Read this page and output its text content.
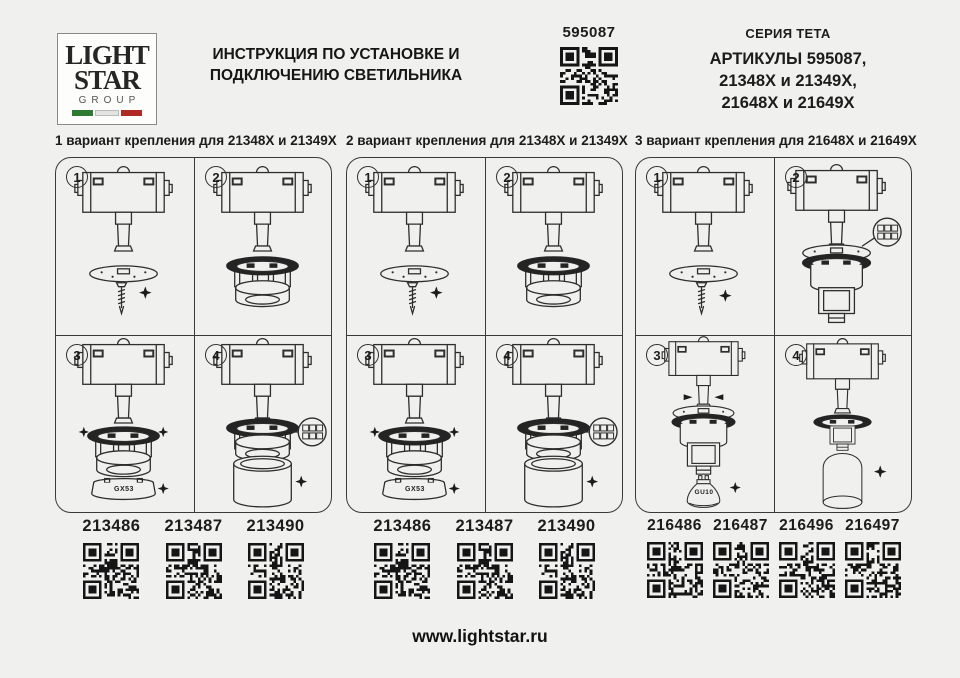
LIGHT
STAR
GROUP
ИНСТРУКЦИЯ ПО УСТАНОВКЕ И
ПОДКЛЮЧЕНИЮ СВЕТИЛЬНИКА
595087	СЕРИЯ ТЕТА
АРТИКУЛЫ 595087,
21348X и 21349X,
21648X и 21649X
1 вариант крепления для 21348X и 21349X
1	2
3
GX53
4
2 вариант крепления для 21348X и 21349X
1	2
3
GX53
4
3 вариант крепления для 21648X и 21649X
1	2
3
GU10
4
213486 213487 213490	213486 213487 213490	216486 216487 216496 216497
www.lightstar.ru
